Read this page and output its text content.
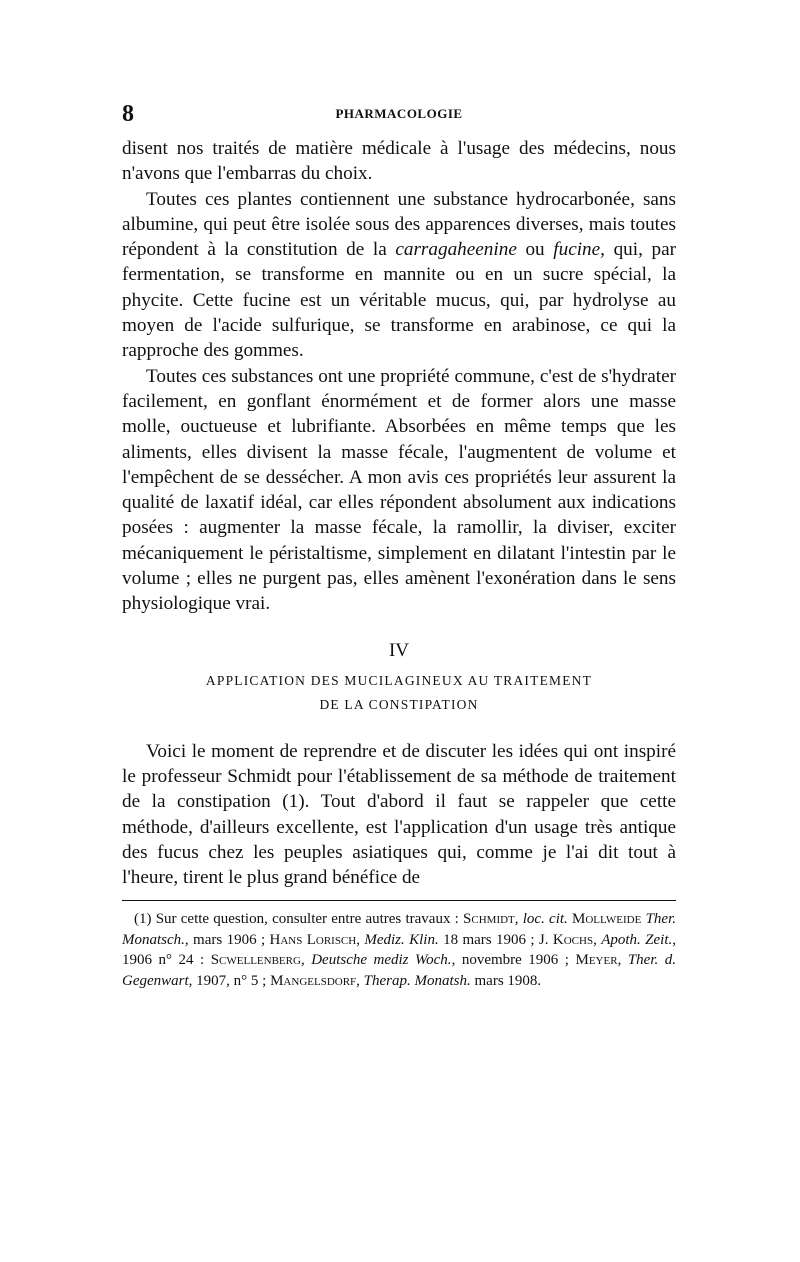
8	PHARMACOLOGIE

disent nos traités de matière médicale à l'usage des médecins, nous n'avons que l'embarras du choix.

Toutes ces plantes contiennent une substance hydrocarbonée, sans albumine, qui peut être isolée sous des apparences diverses, mais toutes répondent à la constitution de la carragaheenine ou fucine, qui, par fermentation, se transforme en mannite ou en un sucre spécial, la phycite. Cette fucine est un véritable mucus, qui, par hydrolyse au moyen de l'acide sulfurique, se transforme en arabinose, ce qui la rapproche des gommes.

Toutes ces substances ont une propriété commune, c'est de s'hydrater facilement, en gonflant énormément et de former alors une masse molle, ouctueuse et lubrifiante. Absorbées en même temps que les aliments, elles divisent la masse fécale, l'augmentent de volume et l'empêchent de se dessécher. A mon avis ces propriétés leur assurent la qualité de laxatif idéal, car elles répondent absolument aux indications posées : augmenter la masse fécale, la ramollir, la diviser, exciter mécaniquement le péristaltisme, simplement en dilatant l'intestin par le volume ; elles ne purgent pas, elles amènent l'exonération dans le sens physiologique vrai.

IV
APPLICATION DES MUCILAGINEUX AU TRAITEMENT
DE LA CONSTIPATION

Voici le moment de reprendre et de discuter les idées qui ont inspiré le professeur Schmidt pour l'établissement de sa méthode de traitement de la constipation (1). Tout d'abord il faut se rappeler que cette méthode, d'ailleurs excellente, est l'application d'un usage très antique des fucus chez les peuples asiatiques qui, comme je l'ai dit tout à l'heure, tirent le plus grand bénéfice de

(1) Sur cette question, consulter entre autres travaux : Schmidt, loc. cit. Mollweide Ther. Monatsch., mars 1906 ; Hans Lorisch, Mediz. Klin. 18 mars 1906 ; J. Kochs, Apoth. Zeit., 1906 n° 24 : Scwellenberg, Deutsche mediz Woch., novembre 1906 ; Meyer, Ther. d. Gegenwart, 1907, n° 5 ; Mangelsdorf, Therap. Monatsh. mars 1908.
